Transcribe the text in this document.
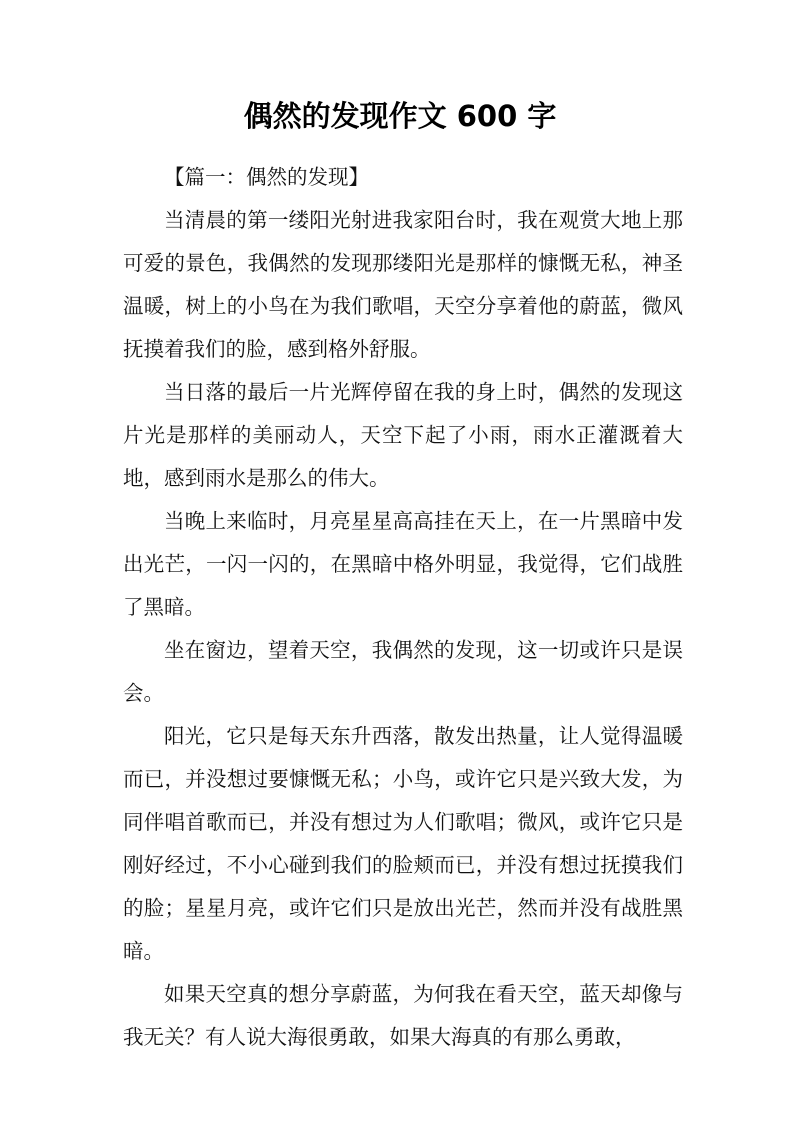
偶然的发现作文 600 字

【篇一：偶然的发现】

当清晨的第一缕阳光射进我家阳台时，我在观赏大地上那可爱的景色，我偶然的发现那缕阳光是那样的慷慨无私，神圣温暖，树上的小鸟在为我们歌唱，天空分享着他的蔚蓝，微风抚摸着我们的脸，感到格外舒服。

当日落的最后一片光辉停留在我的身上时，偶然的发现这片光是那样的美丽动人，天空下起了小雨，雨水正灌溉着大地，感到雨水是那么的伟大。

当晚上来临时，月亮星星高高挂在天上，在一片黑暗中发出光芒，一闪一闪的，在黑暗中格外明显，我觉得，它们战胜了黑暗。

坐在窗边，望着天空，我偶然的发现，这一切或许只是误会。

阳光，它只是每天东升西落，散发出热量，让人觉得温暖而已，并没想过要慷慨无私；小鸟，或许它只是兴致大发，为同伴唱首歌而已，并没有想过为人们歌唱；微风，或许它只是刚好经过，不小心碰到我们的脸颊而已，并没有想过抚摸我们的脸；星星月亮，或许它们只是放出光芒，然而并没有战胜黑暗。

如果天空真的想分享蔚蓝，为何我在看天空，蓝天却像与我无关？有人说大海很勇敢，如果大海真的有那么勇敢，
